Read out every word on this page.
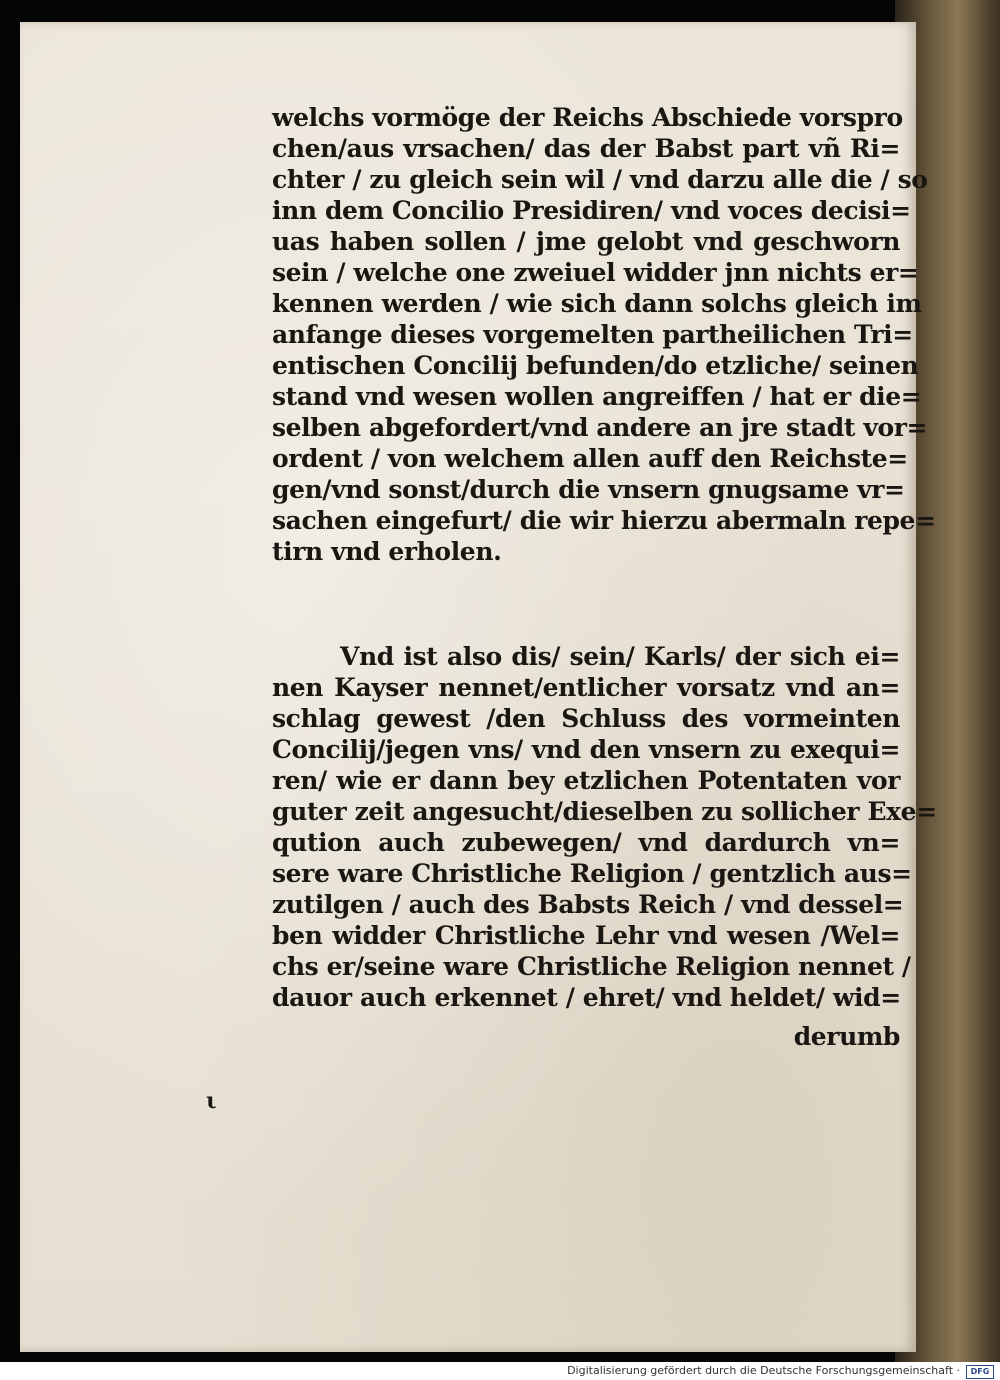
welchs vormöge der Reichs Abschiede vorspro
chen/aus vrsachen/ das der Babst part vñ Ri=
chter / zu gleich sein wil / vnd darzu alle die / so
inn dem Concilio Presidiren/ vnd voces decisi=
uas haben sollen / jme gelobt vnd geschworn
sein / welche one zweiuel widder jnn nichts er=
kennen werden / wie sich dann solchs gleich im
anfange dieses vorgemelten partheilichen Tri=
entischen Concilij befunden/do etzliche/ seinen
stand vnd wesen wollen angreiffen / hat er die=
selben abgefordert/vnd andere an jre stadt vor=
ordent / von welchem allen auff den Reichste=
gen/vnd sonst/durch die vnsern gnugsame vr=
sachen eingefurt/ die wir hierzu abermaln repe=
tirn vnd erholen.
Vnd ist also dis/ sein/ Karls/ der sich ei=
nen Kayser nennet/entlicher vorsatz vnd an=
schlag gewest /den Schluss des vormeinten
Concilij/jegen vns/ vnd den vnsern zu exequi=
ren/ wie er dann bey etzlichen Potentaten vor
guter zeit angesucht/dieselben zu sollicher Exe=
qution auch zubewegen/ vnd dardurch vn=
sere ware Christliche Religion / gentzlich aus=
zutilgen / auch des Babsts Reich / vnd dessel=
ben widder Christliche Lehr vnd wesen /Wel=
chs er/seine ware Christliche Religion nennet /
dauor auch erkennet / ehret/ vnd heldet/ wid=
derumb
ι
Digitalisierung gefördert durch die Deutsche Forschungsgemeinschaft ·	DFG
